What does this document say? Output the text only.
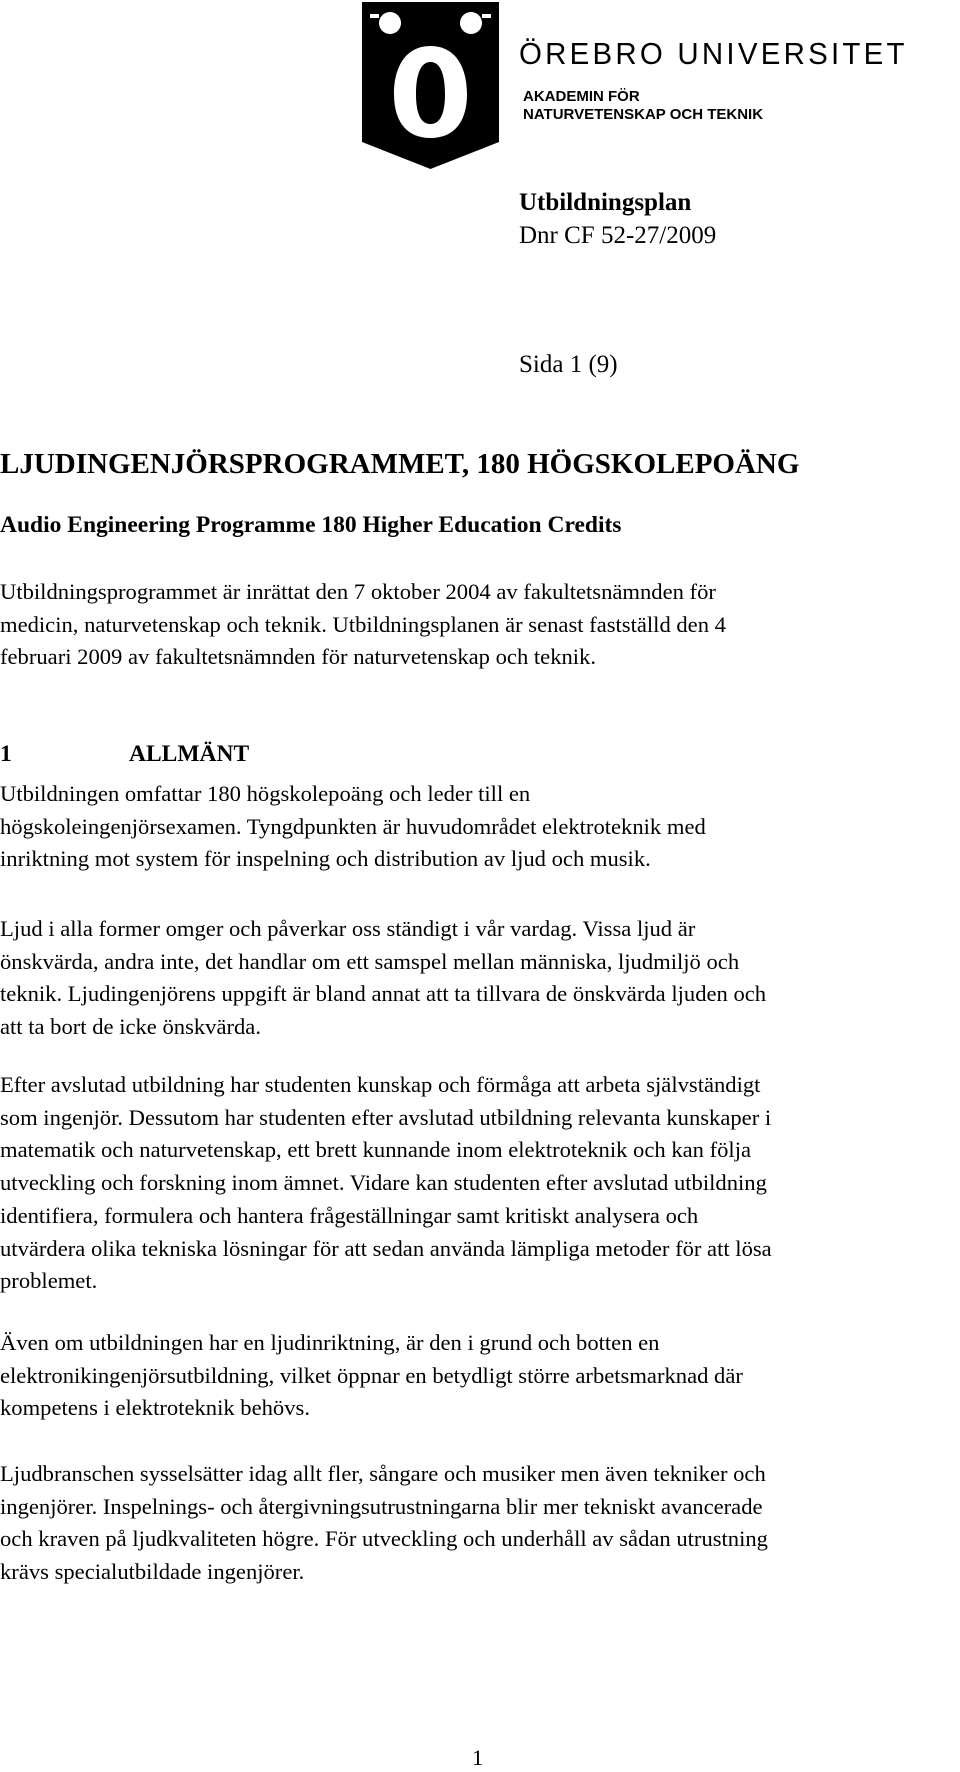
ÖREBRO UNIVERSITET
AKADEMIN FÖR
NATURVETENSKAP OCH TEKNIK
Utbildningsplan
Dnr CF 52-27/2009
Sida 1 (9)
LJUDINGENJÖRSPROGRAMMET, 180 HÖGSKOLEPOÄNG
Audio Engineering Programme 180 Higher Education Credits
Utbildningsprogrammet är inrättat den 7 oktober 2004 av fakultetsnämnden för
medicin, naturvetenskap och teknik. Utbildningsplanen är senast fastställd den 4
februari 2009 av fakultetsnämnden för naturvetenskap och teknik.
1	ALLMÄNT
Utbildningen omfattar 180 högskolepoäng och leder till en
högskoleingenjörsexamen. Tyngdpunkten är huvudområdet elektroteknik med
inriktning mot system för inspelning och distribution av ljud och musik.
Ljud i alla former omger och påverkar oss ständigt i vår vardag. Vissa ljud är
önskvärda, andra inte, det handlar om ett samspel mellan människa, ljudmiljö och
teknik. Ljudingenjörens uppgift är bland annat att ta tillvara de önskvärda ljuden och
att ta bort de icke önskvärda.
Efter avslutad utbildning har studenten kunskap och förmåga att arbeta självständigt
som ingenjör. Dessutom har studenten efter avslutad utbildning relevanta kunskaper i
matematik och naturvetenskap, ett brett kunnande inom elektroteknik och kan följa
utveckling och forskning inom ämnet. Vidare kan studenten efter avslutad utbildning
identifiera, formulera och hantera frågeställningar samt kritiskt analysera och
utvärdera olika tekniska lösningar för att sedan använda lämpliga metoder för att lösa
problemet.
Även om utbildningen har en ljudinriktning, är den i grund och botten en
elektronikingenjörsutbildning, vilket öppnar en betydligt större arbetsmarknad där
kompetens i elektroteknik behövs.
Ljudbranschen sysselsätter idag allt fler, sångare och musiker men även tekniker och
ingenjörer. Inspelnings- och återgivningsutrustningarna blir mer tekniskt avancerade
och kraven på ljudkvaliteten högre. För utveckling och underhåll av sådan utrustning
krävs specialutbildade ingenjörer.
1
